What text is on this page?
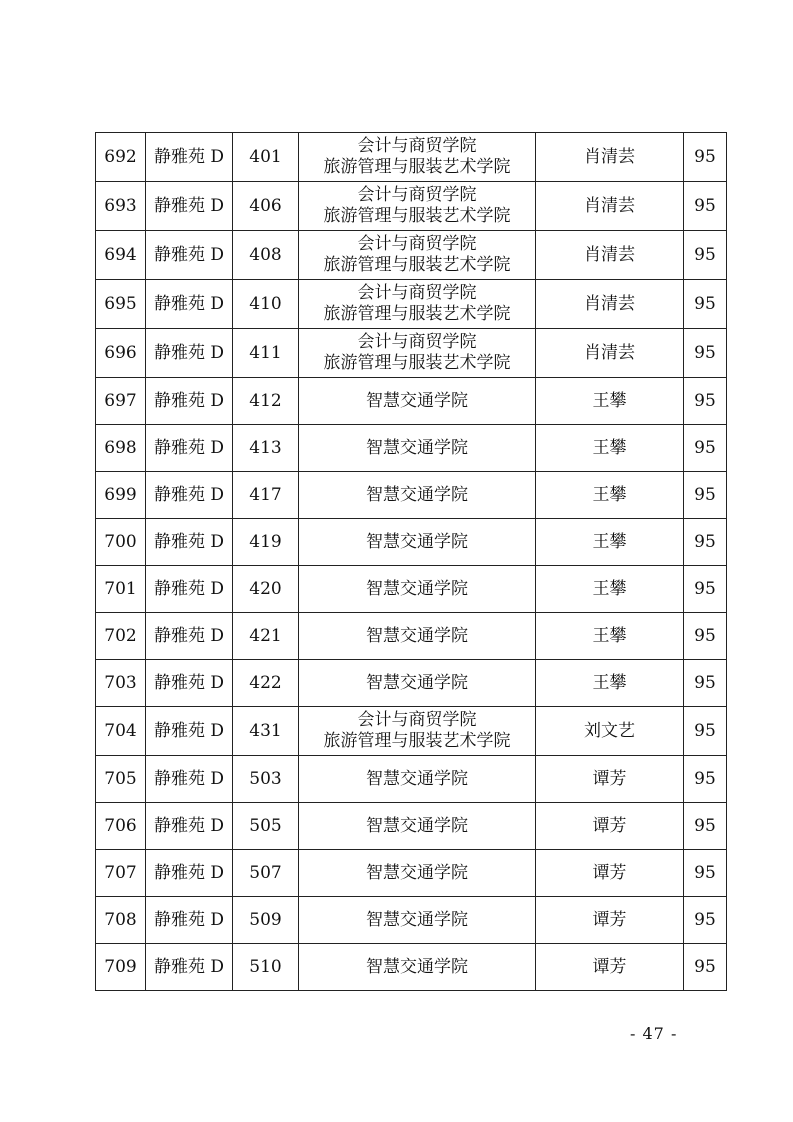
692	静雅苑 D	401	会计与商贸学院
旅游管理与服装艺术学院	肖清芸	95
693	静雅苑 D	406	会计与商贸学院
旅游管理与服装艺术学院	肖清芸	95
694	静雅苑 D	408	会计与商贸学院
旅游管理与服装艺术学院	肖清芸	95
695	静雅苑 D	410	会计与商贸学院
旅游管理与服装艺术学院	肖清芸	95
696	静雅苑 D	411	会计与商贸学院
旅游管理与服装艺术学院	肖清芸	95
697	静雅苑 D	412	智慧交通学院	王攀	95
698	静雅苑 D	413	智慧交通学院	王攀	95
699	静雅苑 D	417	智慧交通学院	王攀	95
700	静雅苑 D	419	智慧交通学院	王攀	95
701	静雅苑 D	420	智慧交通学院	王攀	95
702	静雅苑 D	421	智慧交通学院	王攀	95
703	静雅苑 D	422	智慧交通学院	王攀	95
704	静雅苑 D	431	会计与商贸学院
旅游管理与服装艺术学院	刘文艺	95
705	静雅苑 D	503	智慧交通学院	谭芳	95
706	静雅苑 D	505	智慧交通学院	谭芳	95
707	静雅苑 D	507	智慧交通学院	谭芳	95
708	静雅苑 D	509	智慧交通学院	谭芳	95
709	静雅苑 D	510	智慧交通学院	谭芳	95
- 47 -
